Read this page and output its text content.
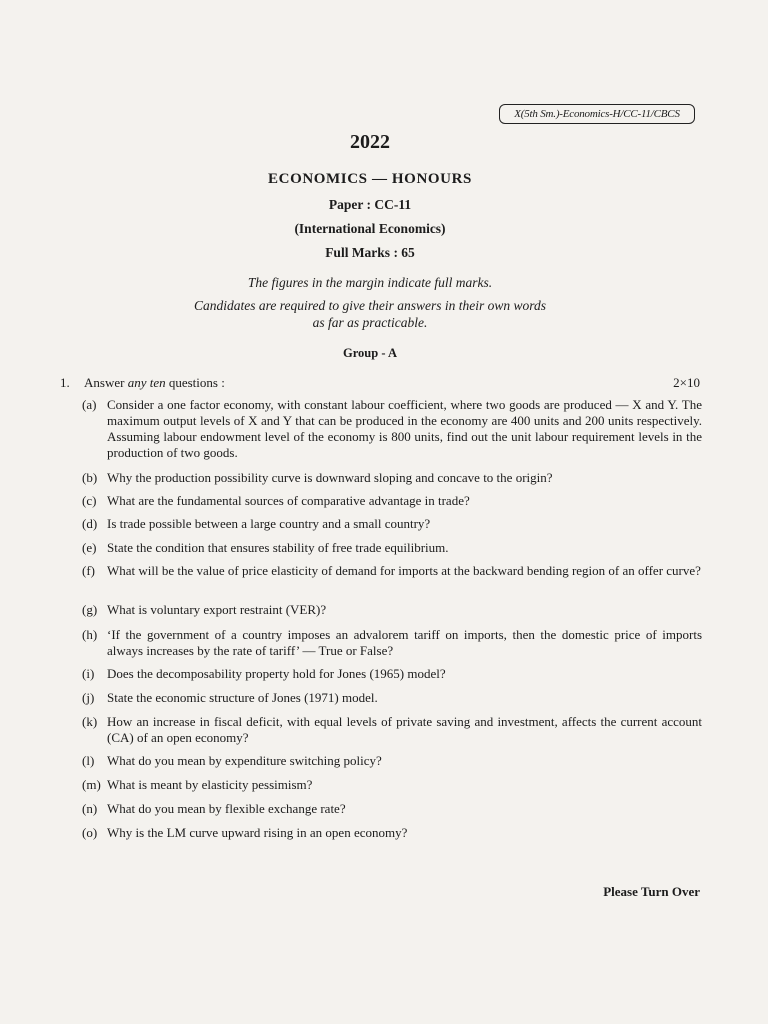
X(5th Sm.)-Economics-H/CC-11/CBCS
2022
ECONOMICS — HONOURS
Paper : CC-11
(International Economics)
Full Marks : 65
The figures in the margin indicate full marks.
Candidates are required to give their answers in their own words
as far as practicable.
Group - A
1. Answer any ten questions :	2×10
(a) Consider a one factor economy, with constant labour coefficient, where two goods are produced — X and Y. The maximum output levels of X and Y that can be produced in the economy are 400 units and 200 units respectively. Assuming labour endowment level of the economy is 800 units, find out the unit labour requirement levels in the production of two goods.
(b) Why the production possibility curve is downward sloping and concave to the origin?
(c) What are the fundamental sources of comparative advantage in trade?
(d) Is trade possible between a large country and a small country?
(e) State the condition that ensures stability of free trade equilibrium.
(f) What will be the value of price elasticity of demand for imports at the backward bending region of an offer curve?
(g) What is voluntary export restraint (VER)?
(h) ‘If the government of a country imposes an advalorem tariff on imports, then the domestic price of imports always increases by the rate of tariff’ — True or False?
(i) Does the decomposability property hold for Jones (1965) model?
(j) State the economic structure of Jones (1971) model.
(k) How an increase in fiscal deficit, with equal levels of private saving and investment, affects the current account (CA) of an open economy?
(l) What do you mean by expenditure switching policy?
(m) What is meant by elasticity pessimism?
(n) What do you mean by flexible exchange rate?
(o) Why is the LM curve upward rising in an open economy?
Please Turn Over
